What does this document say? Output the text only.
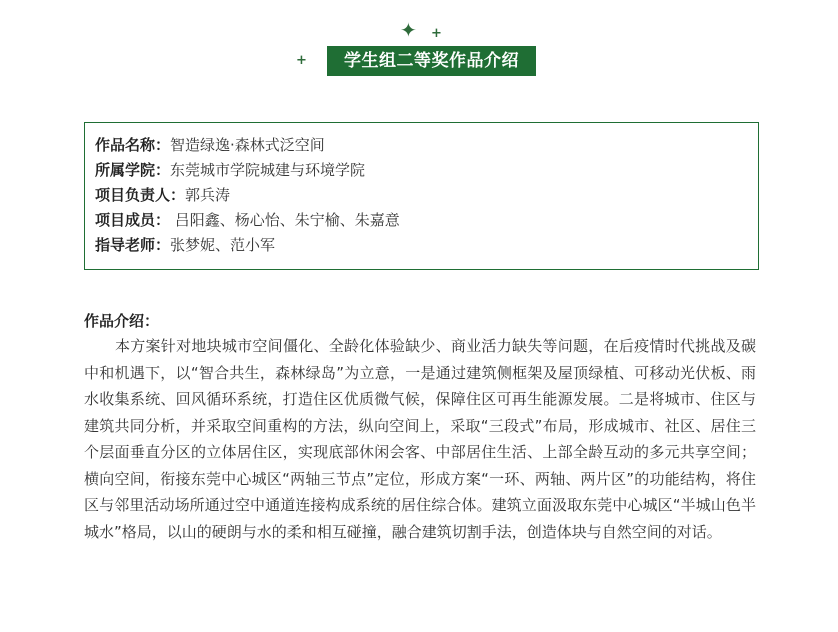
✦ +
+	学生组二等奖作品介绍
作品名称：智造绿逸·森林式泛空间
所属学院：东莞城市学院城建与环境学院
项目负责人：郭兵涛
项目成员： 吕阳鑫、杨心怡、朱宁榆、朱嘉意
指导老师：张梦妮、范小军
作品介绍：

本方案针对地块城市空间僵化、全龄化体验缺少、商业活力缺失等问题，在后疫情时代挑战及碳中和机遇下，以“智合共生，森林绿岛”为立意，一是通过建筑侧框架及屋顶绿植、可移动光伏板、雨水收集系统、回风循环系统，打造住区优质微气候，保障住区可再生能源发展。二是将城市、住区与建筑共同分析，并采取空间重构的方法，纵向空间上，采取“三段式”布局，形成城市、社区、居住三个层面垂直分区的立体居住区，实现底部休闲会客、中部居住生活、上部全龄互动的多元共享空间；横向空间，衔接东莞中心城区“两轴三节点”定位，形成方案“一环、两轴、两片区”的功能结构，将住区与邻里活动场所通过空中通道连接构成系统的居住综合体。建筑立面汲取东莞中心城区“半城山色半城水”格局，以山的硬朗与水的柔和相互碰撞，融合建筑切割手法，创造体块与自然空间的对话。
